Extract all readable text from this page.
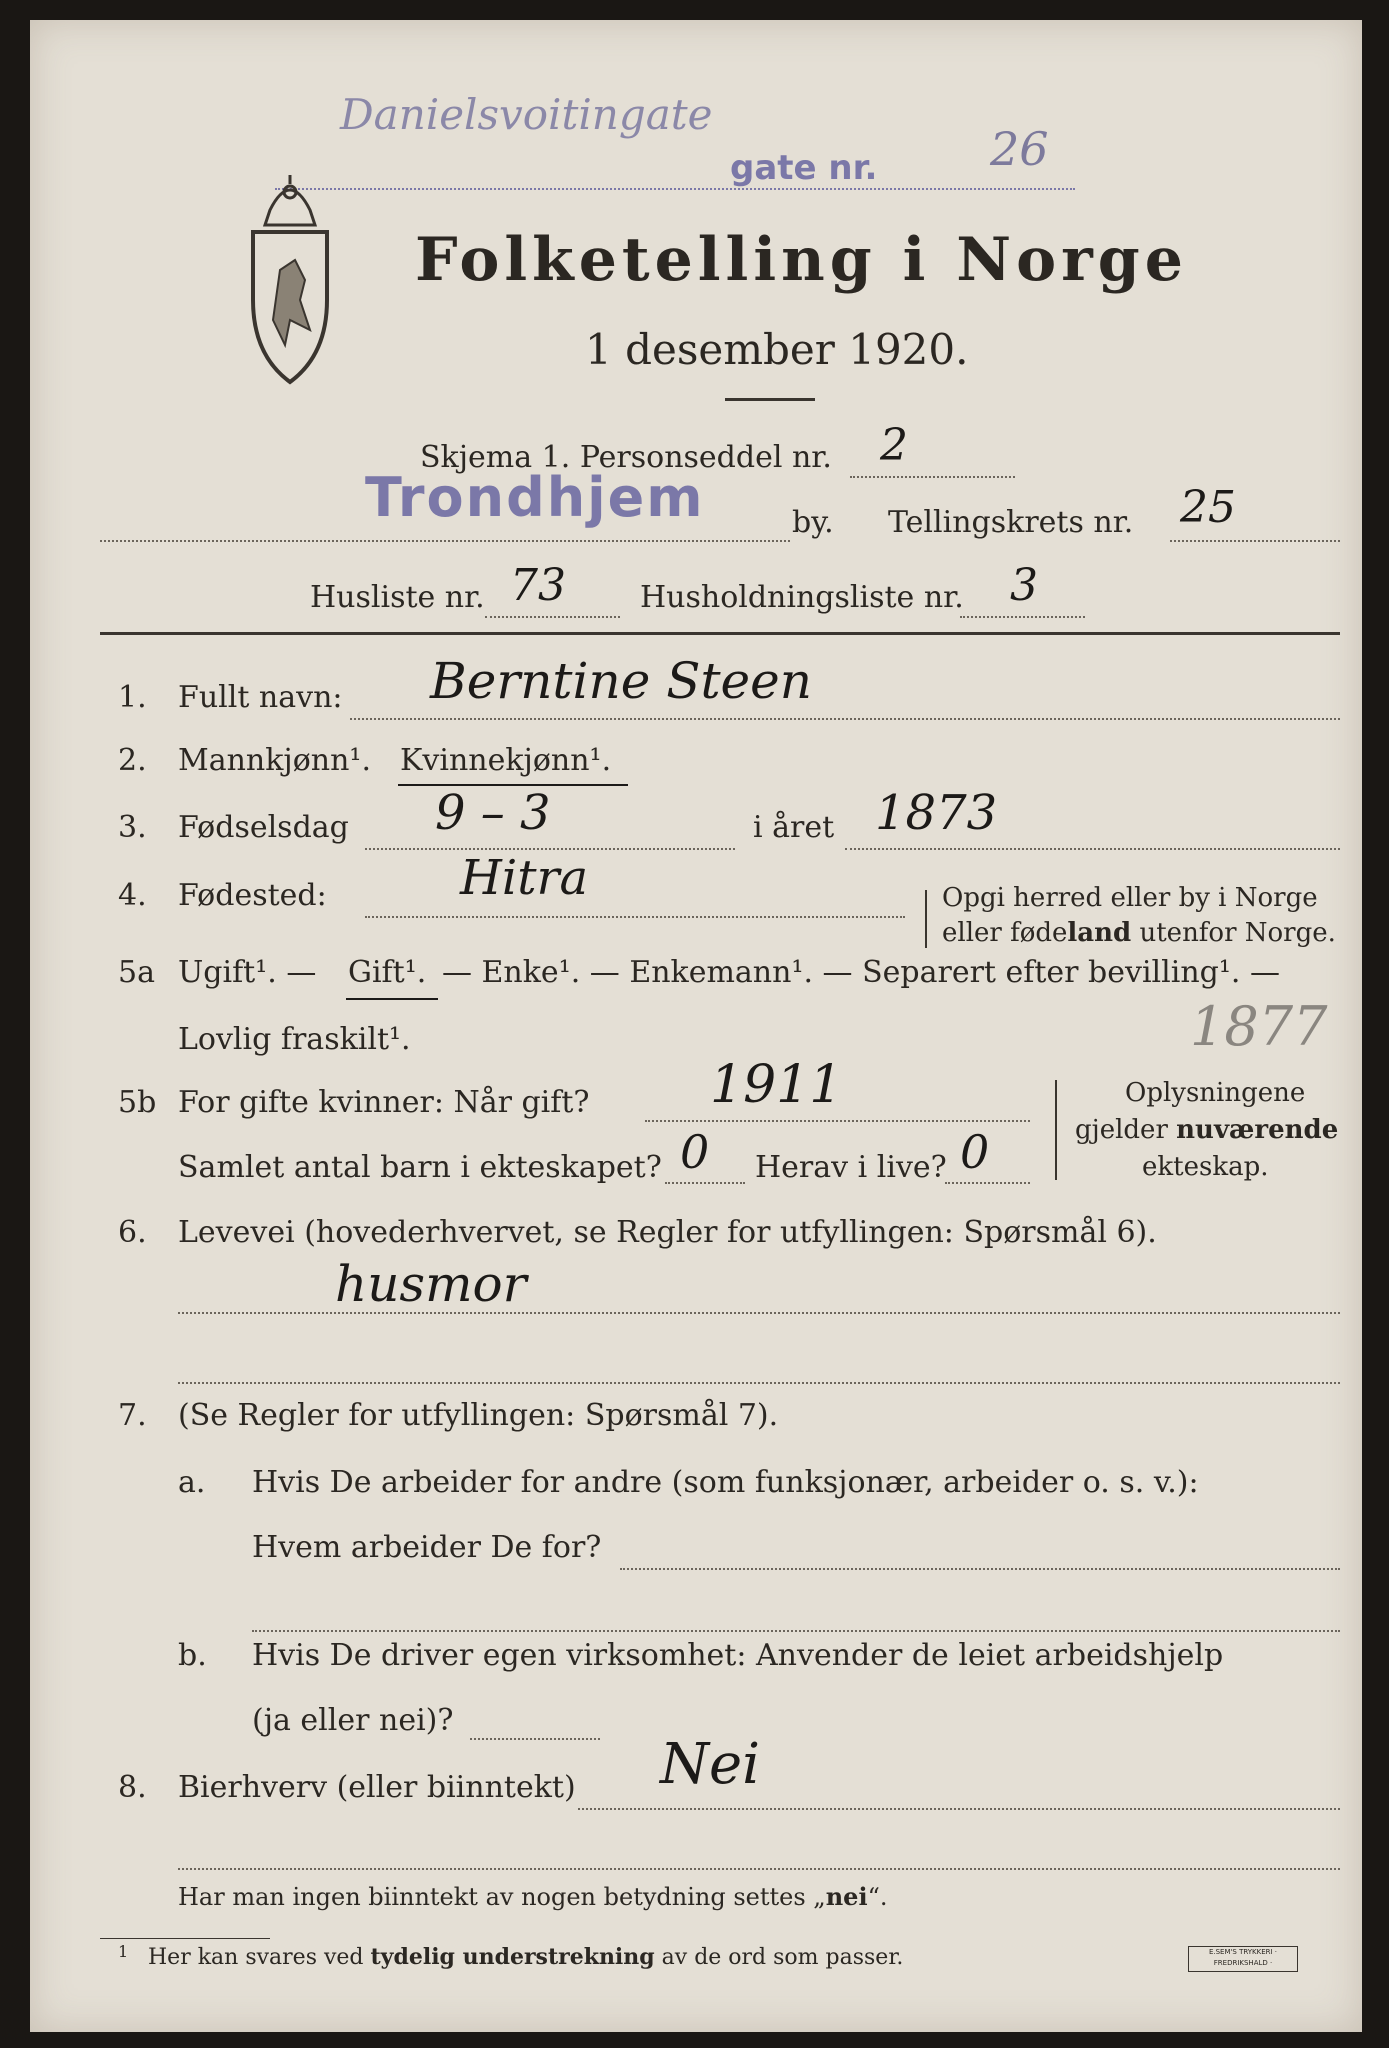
Danielsvoitingate
gate nr. 26
Folketelling i Norge
1 desember 1920.
Skjema 1. Personseddel nr. 2
Trondhjem	by. Tellingskrets nr. 25
Husliste nr. 73 Husholdningsliste nr. 3
1. Fullt navn: Berntine Steen
2. Mannkjønn¹. Kvinnekjønn¹.
3. Fødselsdag 9 – 3	i året 1873
4. Fødested:	Hitra	Opgi herred eller by i Norge
eller fødeland utenfor Norge.
5a Ugift¹. — Gift¹. — Enke¹. — Enkemann¹. — Separert efter bevilling¹. —
Lovlig fraskilt¹.	1877
5b For gifte kvinner: Når gift? 1911
Samlet antal barn i ekteskapet? 0 Herav i live? 0
Oplysningene
gjelder nuværende
ekteskap.
6. Levevei (hovederhvervet, se Regler for utfyllingen: Spørsmål 6).
husmor
7. (Se Regler for utfyllingen: Spørsmål 7).
a. Hvis De arbeider for andre (som funksjonær, arbeider o. s. v.):
Hvem arbeider De for?
b. Hvis De driver egen virksomhet: Anvender de leiet arbeidshjelp
(ja eller nei)?
8. Bierhverv (eller biinntekt) Nei
Har man ingen biinntekt av nogen betydning settes „nei“.
1 Her kan svares ved tydelig understrekning av de ord som passer.	E.SEM'S TRYKKERI · FREDRIKSHALD ·
